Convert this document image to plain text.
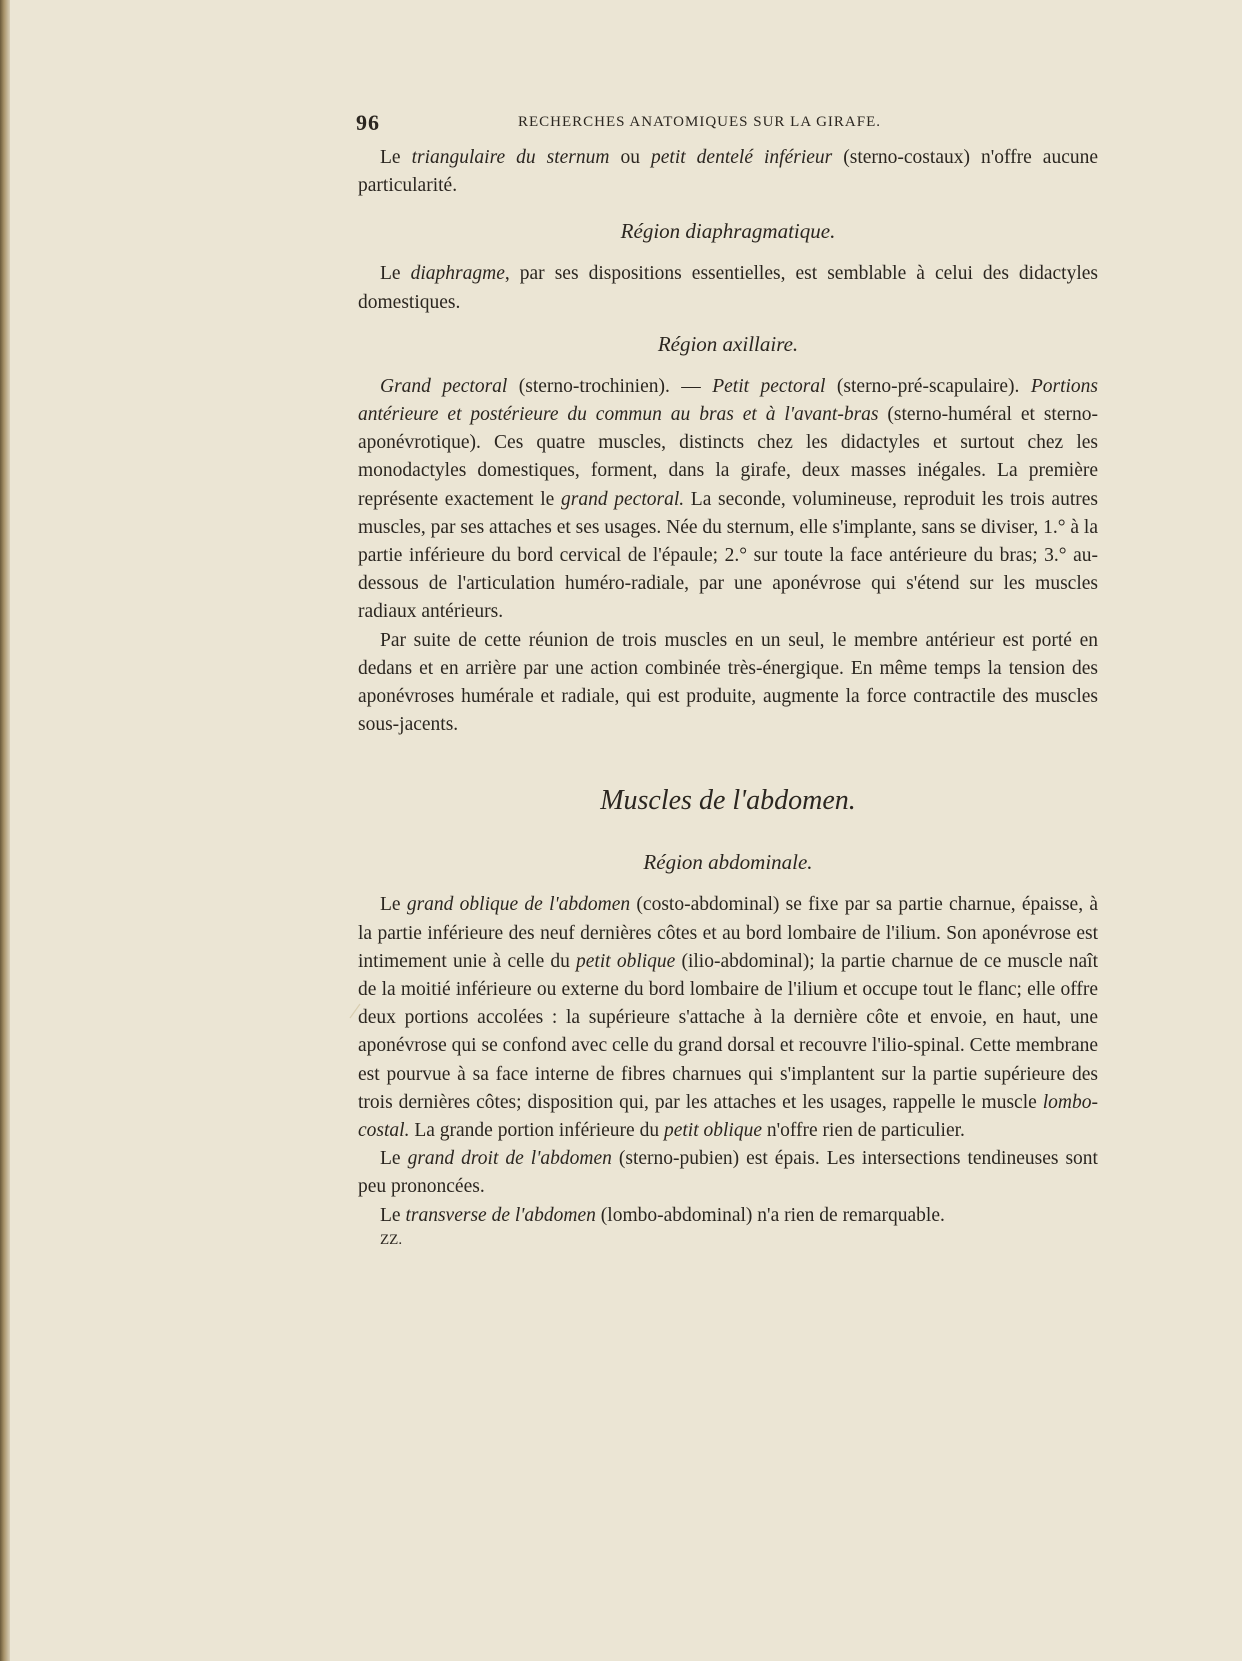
96	RECHERCHES ANATOMIQUES SUR LA GIRAFE.

Le triangulaire du sternum ou petit dentelé inférieur (sterno-costaux) n'offre aucune particularité.

Région diaphragmatique.

Le diaphragme, par ses dispositions essentielles, est semblable à celui des didactyles domestiques.

Région axillaire.

Grand pectoral (sterno-trochinien). — Petit pectoral (sterno-pré-scapulaire). Portions antérieure et postérieure du commun au bras et à l'avant-bras (sterno-huméral et sterno-aponévrotique). Ces quatre muscles, distincts chez les didactyles et surtout chez les monodactyles domestiques, forment, dans la girafe, deux masses inégales. La première représente exactement le grand pectoral. La seconde, volumineuse, reproduit les trois autres muscles, par ses attaches et ses usages. Née du sternum, elle s'implante, sans se diviser, 1.° à la partie inférieure du bord cervical de l'épaule; 2.° sur toute la face antérieure du bras; 3.° au-dessous de l'articulation huméro-radiale, par une aponévrose qui s'étend sur les muscles radiaux antérieurs.

Par suite de cette réunion de trois muscles en un seul, le membre antérieur est porté en dedans et en arrière par une action combinée très-énergique. En même temps la tension des aponévroses humérale et radiale, qui est produite, augmente la force contractile des muscles sous-jacents.

Muscles de l'abdomen.
Région abdominale.

Le grand oblique de l'abdomen (costo-abdominal) se fixe par sa partie charnue, épaisse, à la partie inférieure des neuf dernières côtes et au bord lombaire de l'ilium. Son aponévrose est intimement unie à celle du petit oblique (ilio-abdominal); la partie charnue de ce muscle naît de la moitié inférieure ou externe du bord lombaire de l'ilium et occupe tout le flanc; elle offre deux portions accolées : la supérieure s'attache à la dernière côte et envoie, en haut, une aponévrose qui se confond avec celle du grand dorsal et recouvre l'ilio-spinal. Cette membrane est pourvue à sa face interne de fibres charnues qui s'implantent sur la partie supérieure des trois dernières côtes; disposition qui, par les attaches et les usages, rappelle le muscle lombo-costal. La grande portion inférieure du petit oblique n'offre rien de particulier.

Le grand droit de l'abdomen (sterno-pubien) est épais. Les intersections tendineuses sont peu prononcées.

Le transverse de l'abdomen (lombo-abdominal) n'a rien de remarquable.

ZZ.
